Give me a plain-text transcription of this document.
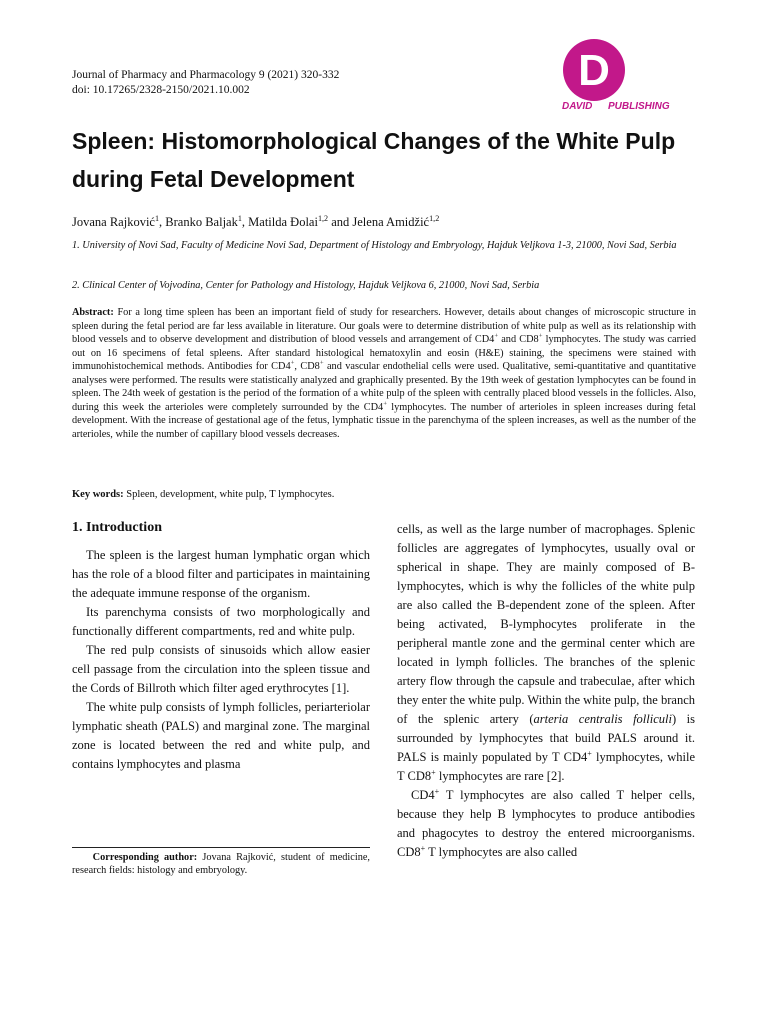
Journal of Pharmacy and Pharmacology 9 (2021) 320-332
doi: 10.17265/2328-2150/2021.10.002	D
DAVID PUBLISHING
Spleen: Histomorphological Changes of the White Pulp during Fetal Development
Jovana Rajković$^1$, Branko Baljak$^1$, Matilda Đolai$^{1,2}$ and Jelena Amidžić$^{1,2}$
1. University of Novi Sad, Faculty of Medicine Novi Sad, Department of Histology and Embryology, Hajduk Veljkova 1-3, 21000, Novi Sad, Serbia
2. Clinical Center of Vojvodina, Center for Pathology and Histology, Hajduk Veljkova 6, 21000, Novi Sad, Serbia
Abstract: For a long time spleen has been an important field of study for researchers. However, details about changes of microscopic structure in spleen during the fetal period are far less available in literature. Our goals were to determine distribution of white pulp as well as its relationship with blood vessels and to observe development and distribution of blood vessels and arrangement of CD4+ and CD8+ lymphocytes. The study was carried out on 16 specimens of fetal spleens. After standard histological hematoxylin and eosin (H&E) staining, the specimens were stained with immunohistochemical methods. Antibodies for CD4+, CD8+ and vascular endothelial cells were used. Qualitative, semi-quantitative and quantitative analyses were performed. The results were statistically analyzed and graphically presented. By the 19th week of gestation lymphocytes can be found in spleen. The 24th week of gestation is the period of the formation of a white pulp of the spleen with centrally placed blood vessels in the follicles. Also, during this week the arterioles were completely surrounded by the CD4+ lymphocytes. The number of arterioles in spleen increases during fetal development. With the increase of gestational age of the fetus, lymphatic tissue in the parenchyma of the spleen increases, as well as the number of the arterioles, while the number of capillary blood vessels decreases.
Key words: Spleen, development, white pulp, T lymphocytes.
1. Introduction

The spleen is the largest human lymphatic organ which has the role of a blood filter and participates in maintaining the adequate immune response of the organism.

Its parenchyma consists of two morphologically and functionally different compartments, red and white pulp.

The red pulp consists of sinusoids which allow easier cell passage from the circulation into the spleen tissue and the Cords of Billroth which filter aged erythrocytes [1].

The white pulp consists of lymph follicles, periarteriolar lymphatic sheath (PALS) and marginal zone. The marginal zone is located between the red and white pulp, and contains lymphocytes and plasma

cells, as well as the large number of macrophages. Splenic follicles are aggregates of lymphocytes, usually oval or spherical in shape. They are mainly composed of B-lymphocytes, which is why the follicles of the white pulp are also called the B-dependent zone of the spleen. After being activated, B-lymphocytes proliferate in the peripheral mantle zone and the germinal center which are located in lymph follicles. The branches of the splenic artery flow through the capsule and trabeculae, after which they enter the white pulp. Within the white pulp, the branch of the splenic artery (arteria centralis folliculi) is surrounded by lymphocytes that build PALS around it. PALS is mainly populated by T CD4+ lymphocytes, while T CD8+ lymphocytes are rare [2].

CD4+ T lymphocytes are also called T helper cells, because they help B lymphocytes to produce antibodies and phagocytes to destroy the entered microorganisms. CD8+ T lymphocytes are also called

Corresponding author: Jovana Rajković, student of medicine, research fields: histology and embryology.
